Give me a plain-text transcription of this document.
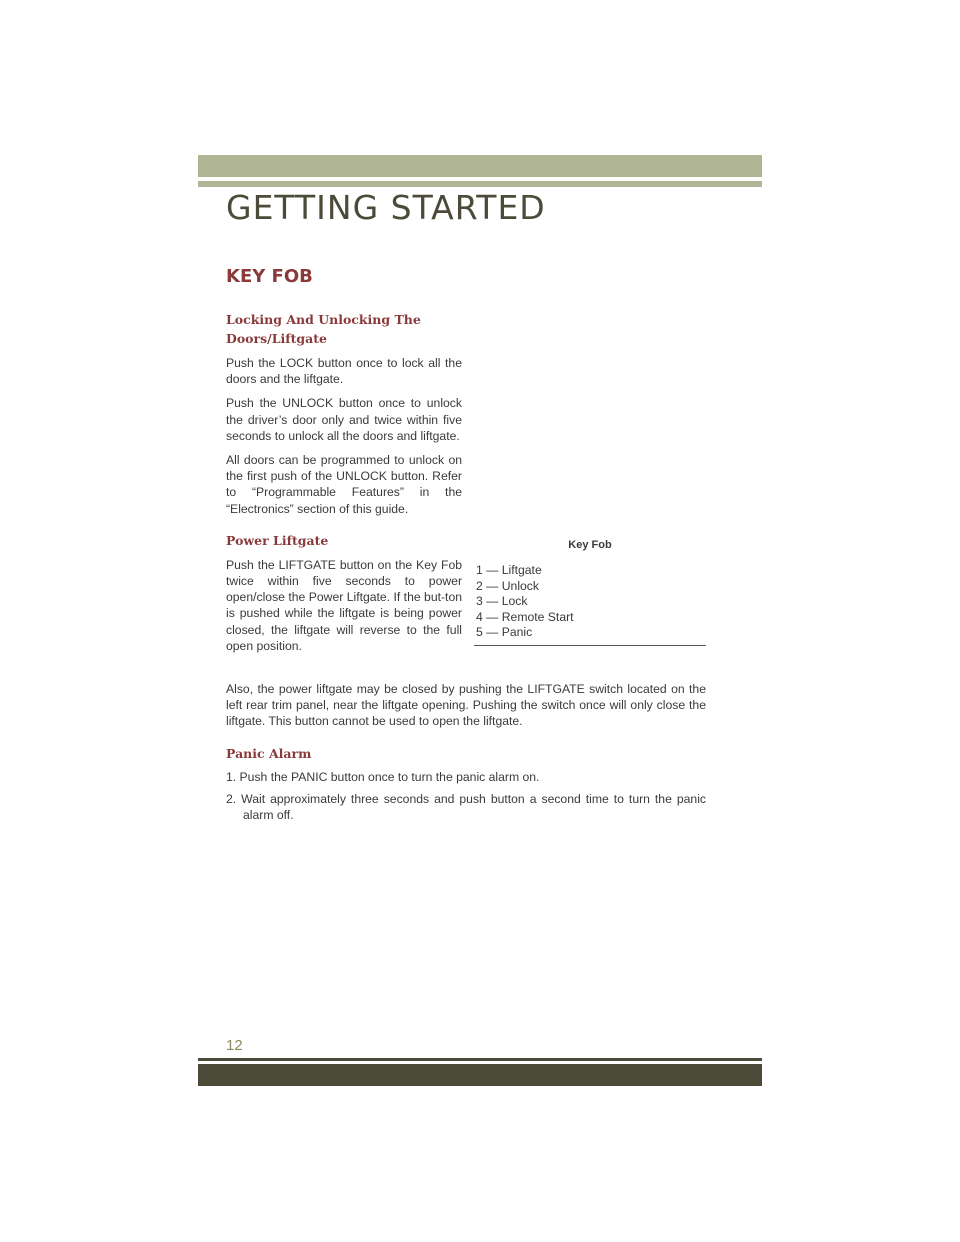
GETTING STARTED
KEY FOB
Locking And Unlocking The Doors/Liftgate

Push the LOCK button once to lock all the doors and the liftgate.

Push the UNLOCK button once to unlock the driver’s door only and twice within five seconds to unlock all the doors and liftgate.

All doors can be programmed to unlock on the first push of the UNLOCK button. Refer to “Programmable Features” in the “Electronics” section of this guide.

Power Liftgate

Push the LIFTGATE button on the Key Fob twice within five seconds to power open/close the Power Liftgate. If the but-ton is pushed while the liftgate is being power closed, the liftgate will reverse to the full open position.

Key Fob
1 — Liftgate
2 — Unlock
3 — Lock
4 — Remote Start
5 — Panic

Also, the power liftgate may be closed by pushing the LIFTGATE switch located on the left rear trim panel, near the liftgate opening. Pushing the switch once will only close the liftgate. This button cannot be used to open the liftgate.

Panic Alarm
1. Push the PANIC button once to turn the panic alarm on.
2. Wait approximately three seconds and push button a second time to turn the panic alarm off.
12
